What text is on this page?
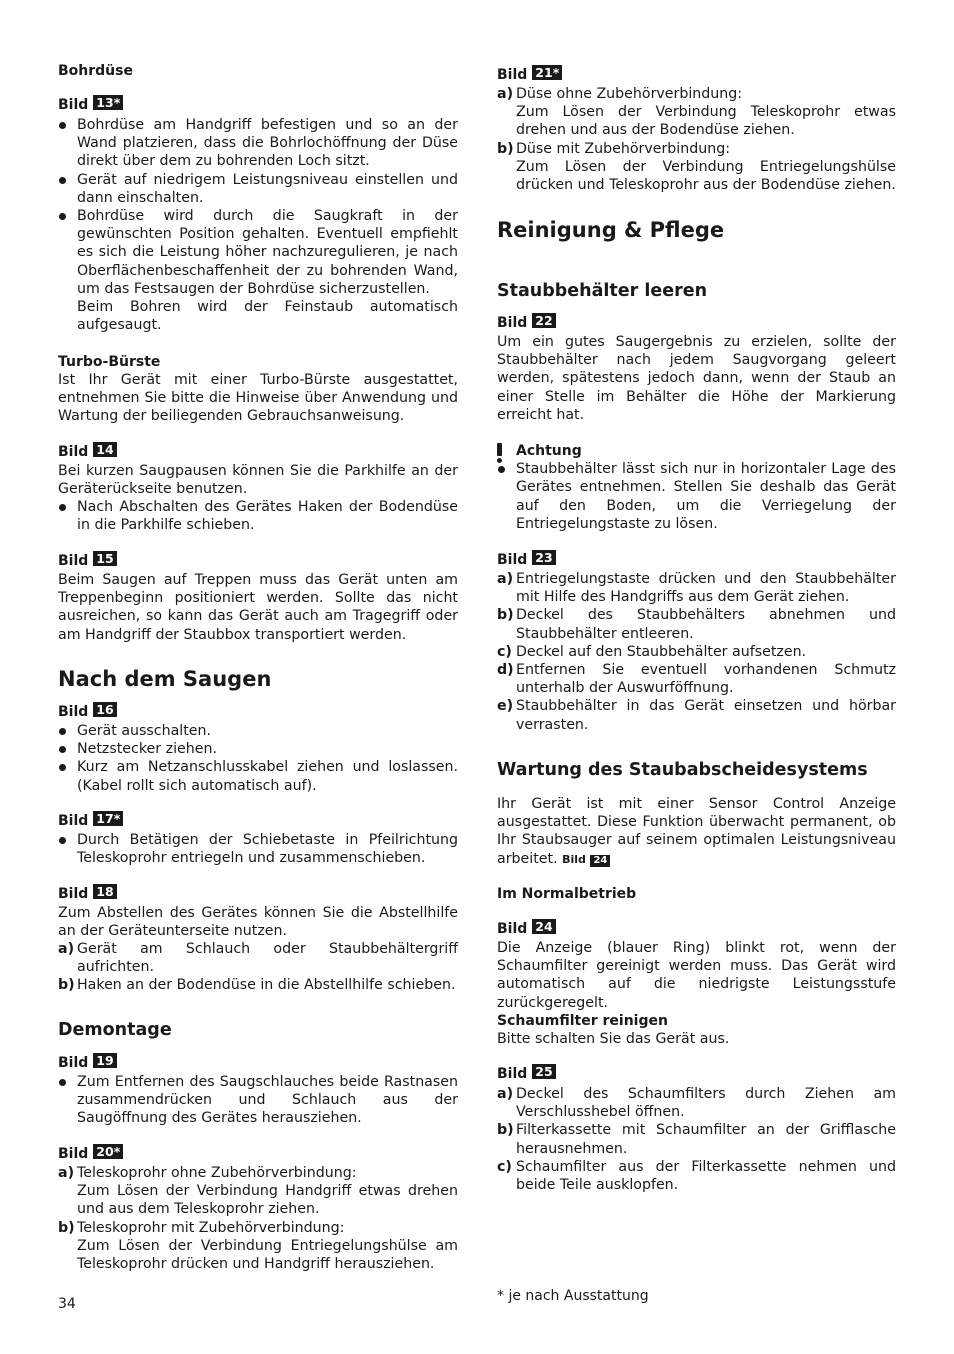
Bohrdüse
Bild 13*
Bohrdüse am Handgriff befestigen und so an der Wand platzieren, dass die Bohrlochöffnung der Düse direkt über dem zu bohrenden Loch sitzt.
Gerät auf niedrigem Leistungsniveau einstellen und dann einschalten.
Bohrdüse wird durch die Saugkraft in der gewünschten Position gehalten. Eventuell empfiehlt es sich die Leistung höher nachzuregulieren, je nach Oberflächenbeschaffenheit der zu bohrenden Wand, um das Festsaugen der Bohrdüse sicherzustellen.
Beim Bohren wird der Feinstaub automatisch aufgesaugt.
Turbo-Bürste
Ist Ihr Gerät mit einer Turbo-Bürste ausgestattet, entnehmen Sie bitte die Hinweise über Anwendung und Wartung der beiliegenden Gebrauchsanweisung.
Bild 14
Bei kurzen Saugpausen können Sie die Parkhilfe an der Geräterückseite benutzen.
Nach Abschalten des Gerätes Haken der Bodendüse in die Parkhilfe schieben.
Bild 15
Beim Saugen auf Treppen muss das Gerät unten am Treppenbeginn positioniert werden. Sollte das nicht ausreichen, so kann das Gerät auch am Tragegriff oder am Handgriff der Staubbox transportiert werden.
Nach dem Saugen
Bild 16
Gerät ausschalten.
Netzstecker ziehen.
Kurz am Netzanschlusskabel ziehen und loslassen. (Kabel rollt sich automatisch auf).
Bild 17*
Durch Betätigen der Schiebetaste in Pfeilrichtung Teleskoprohr entriegeln und zusammenschieben.
Bild 18
Zum Abstellen des Gerätes können Sie die Abstellhilfe an der Geräteunterseite nutzen.
a) Gerät am Schlauch oder Staubbehältergriff aufrichten.
b) Haken an der Bodendüse in die Abstellhilfe schieben.
Demontage
Bild 19
Zum Entfernen des Saugschlauches beide Rastnasen zusammendrücken und Schlauch aus der Saugöffnung des Gerätes herausziehen.
Bild 20*
a) Teleskoprohr ohne Zubehörverbindung:
Zum Lösen der Verbindung Handgriff etwas drehen und aus dem Teleskoprohr ziehen.
b) Teleskoprohr mit Zubehörverbindung:
Zum Lösen der Verbindung Entriegelungshülse am Teleskoprohr drücken und Handgriff herausziehen.
Bild 21*
a) Düse ohne Zubehörverbindung:
Zum Lösen der Verbindung Teleskoprohr etwas drehen und aus der Bodendüse ziehen.
b) Düse mit Zubehörverbindung:
Zum Lösen der Verbindung Entriegelungshülse drücken und Teleskoprohr aus der Bodendüse ziehen.
Reinigung & Pflege
Staubbehälter leeren
Bild 22
Um ein gutes Saugergebnis zu erzielen, sollte der Staubbehälter nach jedem Saugvorgang geleert werden, spätestens jedoch dann, wenn der Staub an einer Stelle im Behälter die Höhe der Markierung erreicht hat.
Achtung
Staubbehälter lässt sich nur in horizontaler Lage des Gerätes entnehmen. Stellen Sie deshalb das Gerät auf den Boden, um die Verriegelung der Entriegelungstaste zu lösen.
Bild 23
a) Entriegelungstaste drücken und den Staubbehälter mit Hilfe des Handgriffs aus dem Gerät ziehen.
b) Deckel des Staubbehälters abnehmen und Staubbehälter entleeren.
c) Deckel auf den Staubbehälter aufsetzen.
d) Entfernen Sie eventuell vorhandenen Schmutz unterhalb der Auswurföffnung.
e) Staubbehälter in das Gerät einsetzen und hörbar verrasten.
Wartung des Staubabscheidesystems
Ihr Gerät ist mit einer Sensor Control Anzeige ausgestattet. Diese Funktion überwacht permanent, ob Ihr Staubsauger auf seinem optimalen Leistungsniveau arbeitet. Bild 24
Im Normalbetrieb
Bild 24
Die Anzeige (blauer Ring) blinkt rot, wenn der Schaumfilter gereinigt werden muss. Das Gerät wird automatisch auf die niedrigste Leistungsstufe zurückgeregelt.
Schaumfilter reinigen
Bitte schalten Sie das Gerät aus.
Bild 25
a) Deckel des Schaumfilters durch Ziehen am Verschlusshebel öffnen.
b) Filterkassette mit Schaumfilter an der Grifflasche herausnehmen.
c) Schaumfilter aus der Filterkassette nehmen und beide Teile ausklopfen.
34	* je nach Ausstattung
